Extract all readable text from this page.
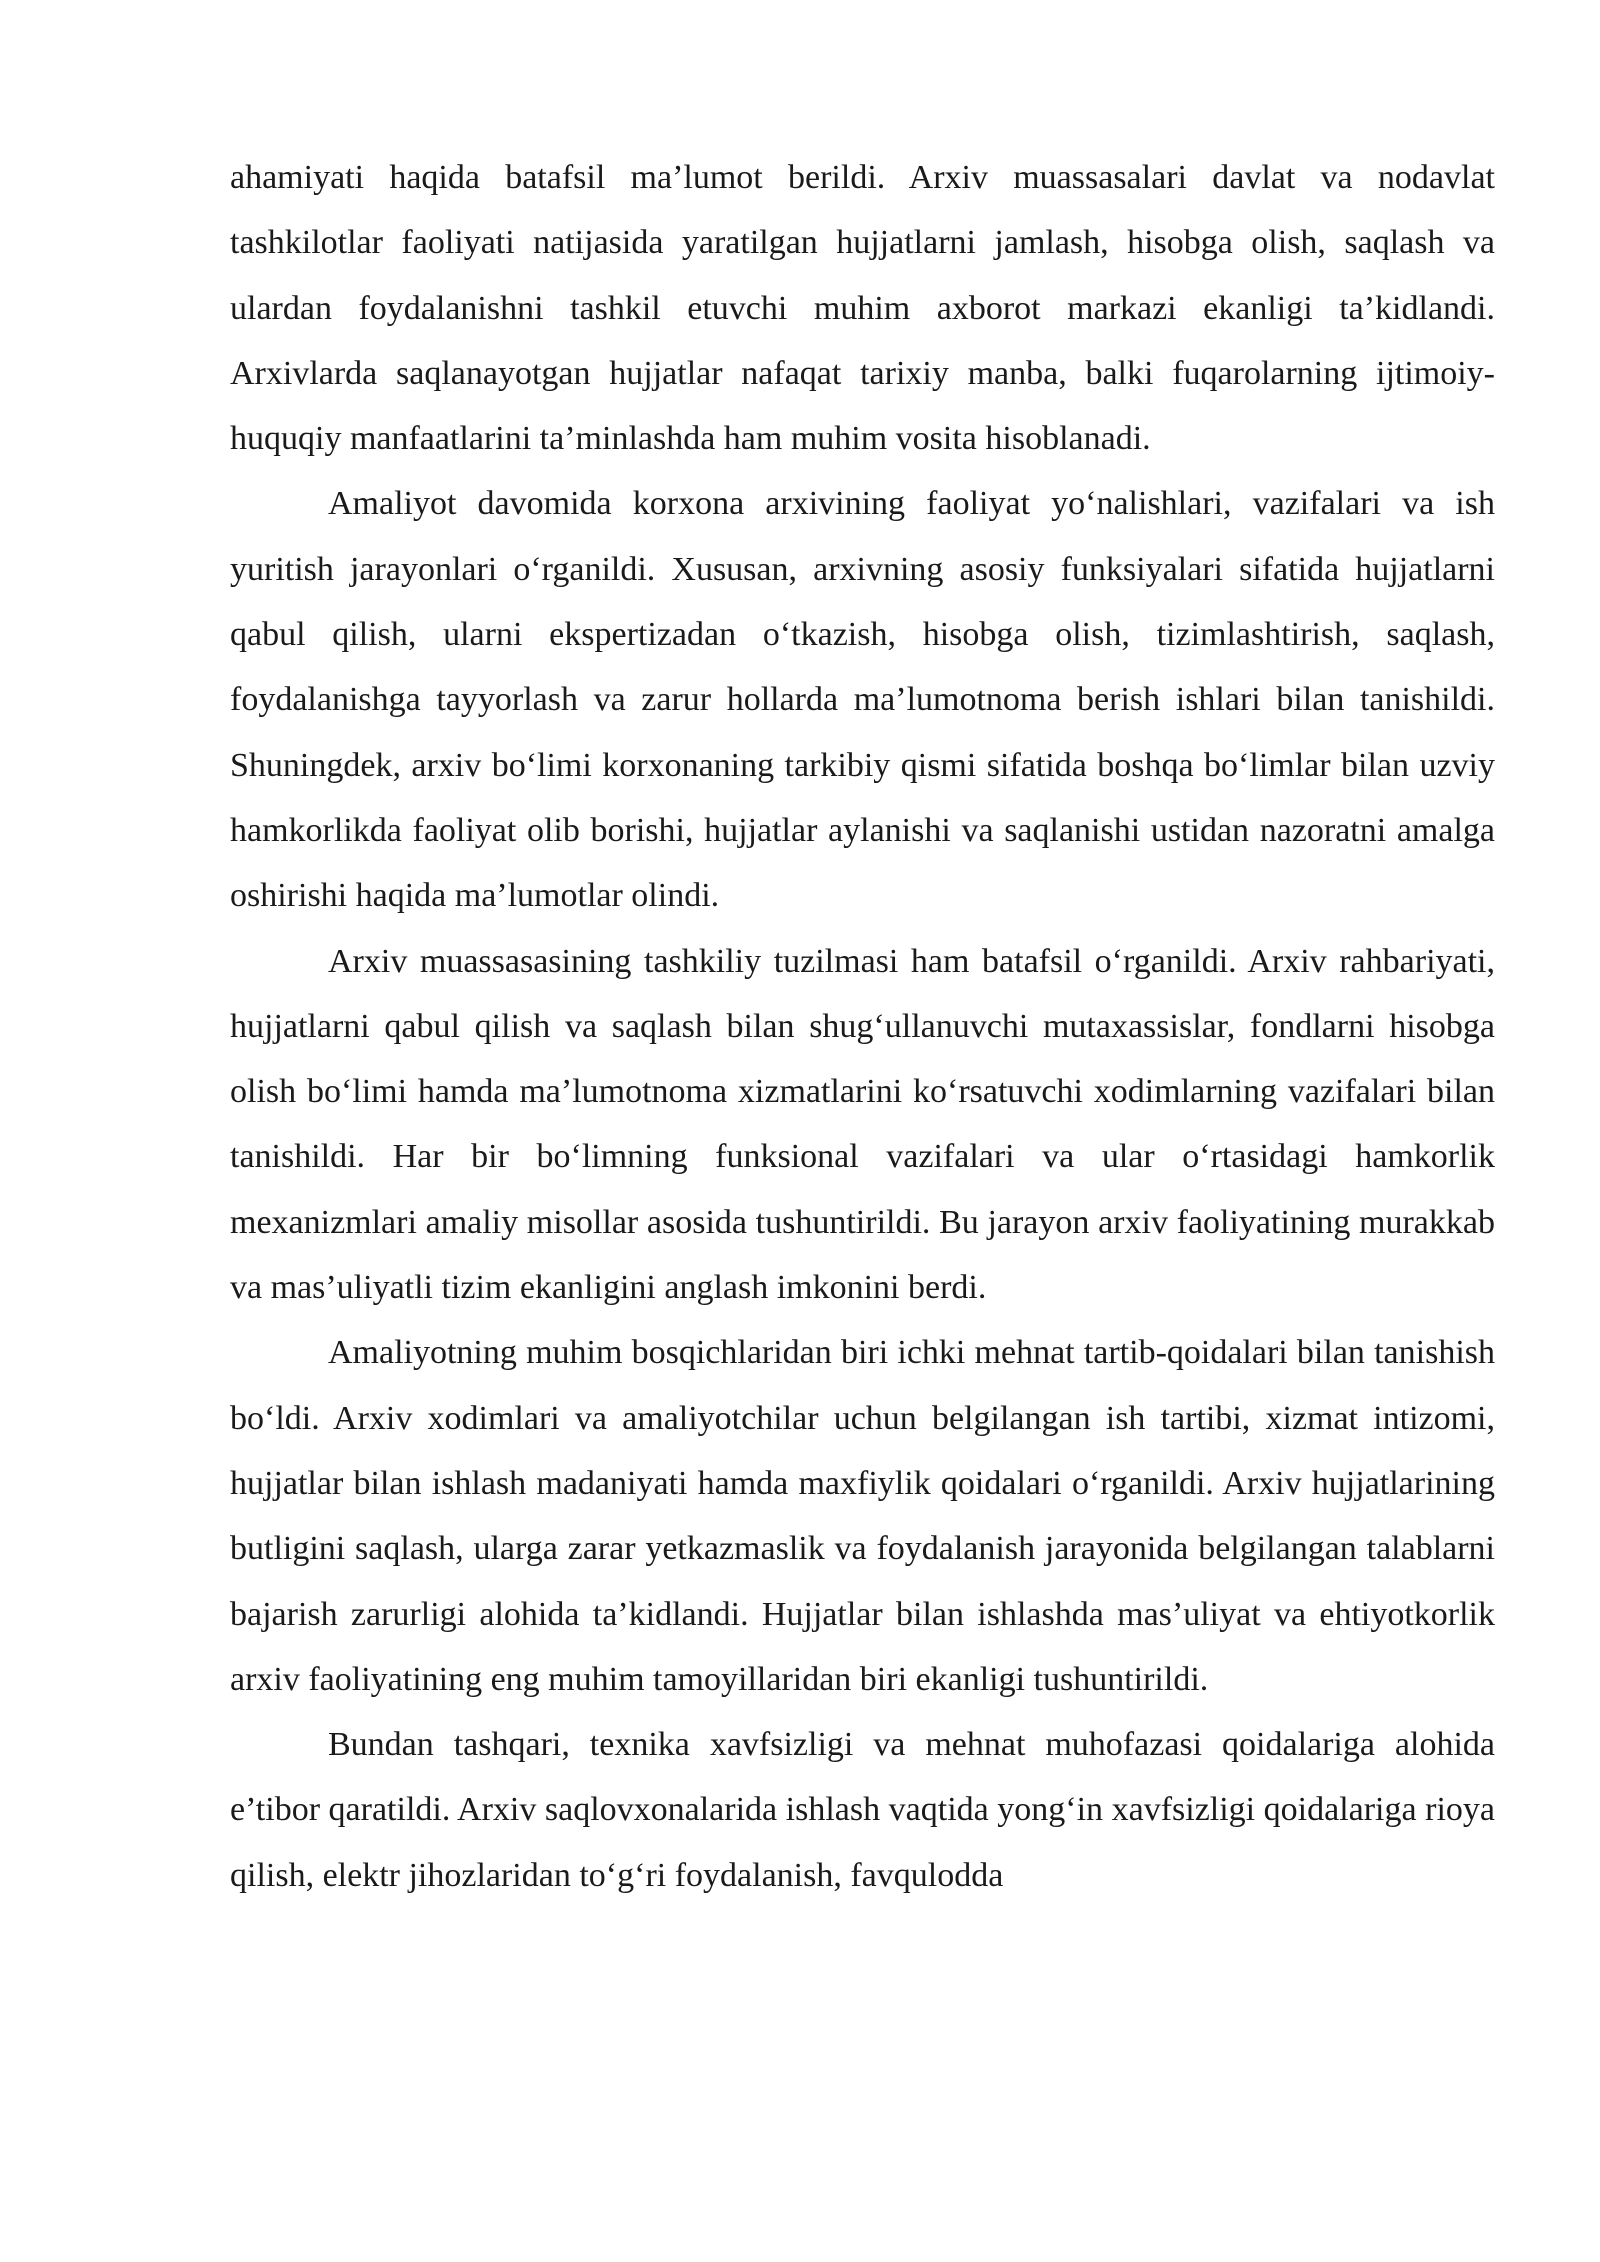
ahamiyati haqida batafsil ma’lumot berildi. Arxiv muassasalari davlat va nodavlat tashkilotlar faoliyati natijasida yaratilgan hujjatlarni jamlash, hisobga olish, saqlash va ulardan foydalanishni tashkil etuvchi muhim axborot markazi ekanligi ta’kidlandi. Arxivlarda saqlanayotgan hujjatlar nafaqat tarixiy manba, balki fuqarolarning ijtimoiy-huquqiy manfaatlarini ta’minlashda ham muhim vosita hisoblanadi.

Amaliyot davomida korxona arxivining faoliyat yo‘nalishlari, vazifalari va ish yuritish jarayonlari o‘rganildi. Xususan, arxivning asosiy funksiyalari sifatida hujjatlarni qabul qilish, ularni ekspertizadan o‘tkazish, hisobga olish, tizimlashtirish, saqlash, foydalanishga tayyorlash va zarur hollarda ma’lumotnoma berish ishlari bilan tanishildi. Shuningdek, arxiv bo‘limi korxonaning tarkibiy qismi sifatida boshqa bo‘limlar bilan uzviy hamkorlikda faoliyat olib borishi, hujjatlar aylanishi va saqlanishi ustidan nazoratni amalga oshirishi haqida ma’lumotlar olindi.

Arxiv muassasasining tashkiliy tuzilmasi ham batafsil o‘rganildi. Arxiv rahbariyati, hujjatlarni qabul qilish va saqlash bilan shug‘ullanuvchi mutaxassislar, fondlarni hisobga olish bo‘limi hamda ma’lumotnoma xizmatlarini ko‘rsatuvchi xodimlarning vazifalari bilan tanishildi. Har bir bo‘limning funksional vazifalari va ular o‘rtasidagi hamkorlik mexanizmlari amaliy misollar asosida tushuntirildi. Bu jarayon arxiv faoliyatining murakkab va mas’uliyatli tizim ekanligini anglash imkonini berdi.

Amaliyotning muhim bosqichlaridan biri ichki mehnat tartib-qoidalari bilan tanishish bo‘ldi. Arxiv xodimlari va amaliyotchilar uchun belgilangan ish tartibi, xizmat intizomi, hujjatlar bilan ishlash madaniyati hamda maxfiylik qoidalari o‘rganildi. Arxiv hujjatlarining butligini saqlash, ularga zarar yetkazmaslik va foydalanish jarayonida belgilangan talablarni bajarish zarurligi alohida ta’kidlandi. Hujjatlar bilan ishlashda mas’uliyat va ehtiyotkorlik arxiv faoliyatining eng muhim tamoyillaridan biri ekanligi tushuntirildi.

Bundan tashqari, texnika xavfsizligi va mehnat muhofazasi qoidalariga alohida e’tibor qaratildi. Arxiv saqlovxonalarida ishlash vaqtida yong‘in xavfsizligi qoidalariga rioya qilish, elektr jihozlaridan to‘g‘ri foydalanish, favqulodda
